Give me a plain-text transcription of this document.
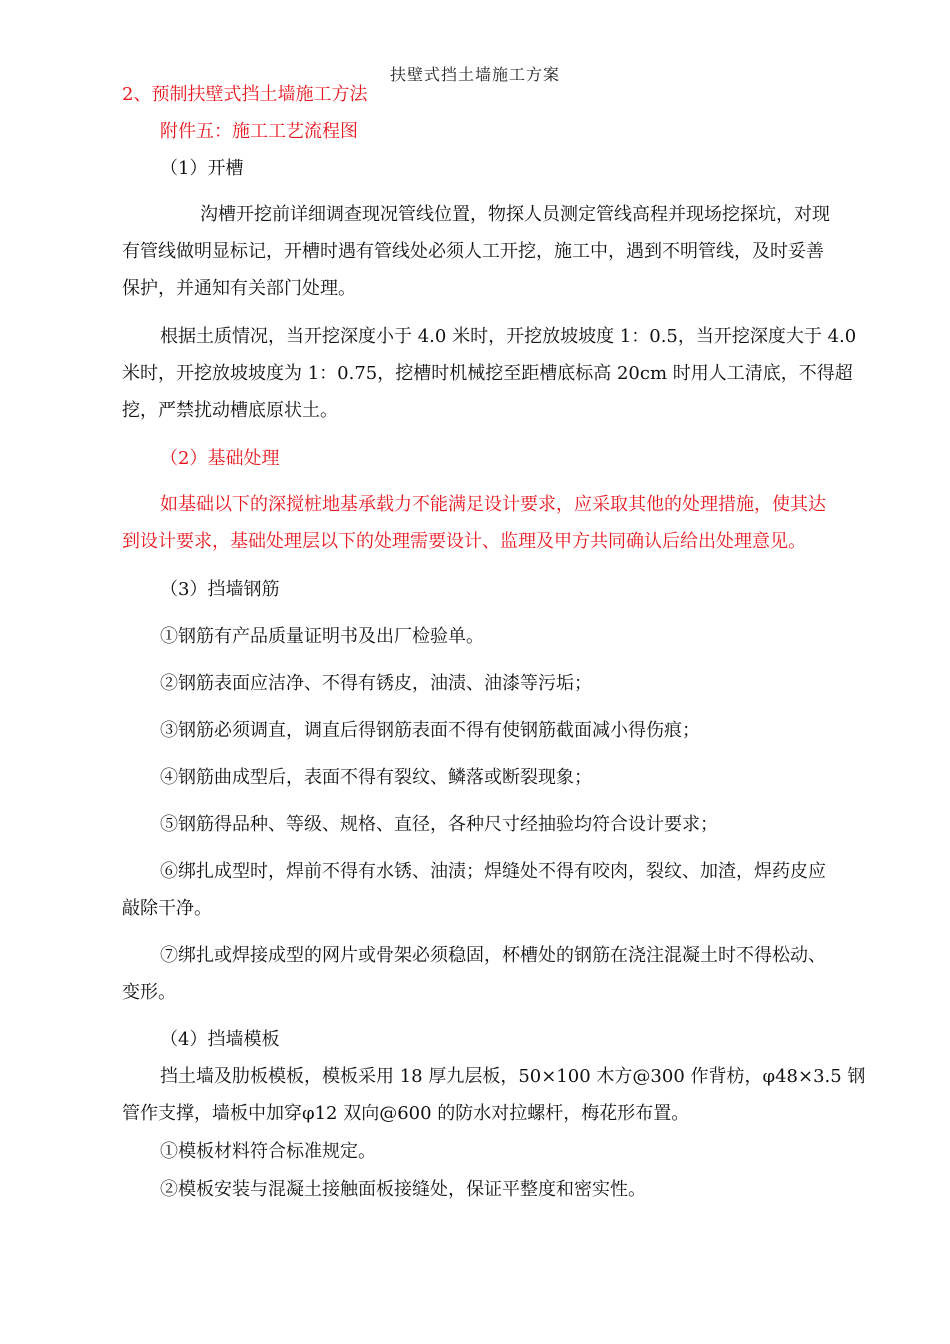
扶壁式挡土墙施工方案
2、预制扶壁式挡土墙施工方法
附件五：施工工艺流程图
（1）开槽
沟槽开挖前详细调查现况管线位置，物探人员测定管线高程并现场挖探坑，对现
有管线做明显标记，开槽时遇有管线处必须人工开挖，施工中，遇到不明管线，及时妥善
保护，并通知有关部门处理。
根据土质情况，当开挖深度小于 4.0 米时，开挖放坡坡度 1：0.5，当开挖深度大于 4.0
米时，开挖放坡坡度为 1：0.75，挖槽时机械挖至距槽底标高 20cm 时用人工清底，不得超
挖，严禁扰动槽底原状土。
（2）基础处理
如基础以下的深搅桩地基承载力不能满足设计要求，应采取其他的处理措施，使其达
到设计要求，基础处理层以下的处理需要设计、监理及甲方共同确认后给出处理意见。
（3）挡墙钢筋
①钢筋有产品质量证明书及出厂检验单。
②钢筋表面应洁净、不得有锈皮，油渍、油漆等污垢；
③钢筋必须调直，调直后得钢筋表面不得有使钢筋截面减小得伤痕；
④钢筋曲成型后，表面不得有裂纹、鳞落或断裂现象；
⑤钢筋得品种、等级、规格、直径，各种尺寸经抽验均符合设计要求；
⑥绑扎成型时，焊前不得有水锈、油渍；焊缝处不得有咬肉，裂纹、加渣，焊药皮应
敲除干净。
⑦绑扎或焊接成型的网片或骨架必须稳固，杯槽处的钢筋在浇注混凝土时不得松动、
变形。
（4）挡墙模板
挡土墙及肋板模板，模板采用 18 厚九层板，50×100 木方@300 作背枋，φ48×3.5 钢
管作支撑，墙板中加穿φ12 双向@600 的防水对拉螺杆，梅花形布置。
①模板材料符合标准规定。
②模板安装与混凝土接触面板接缝处，保证平整度和密实性。
